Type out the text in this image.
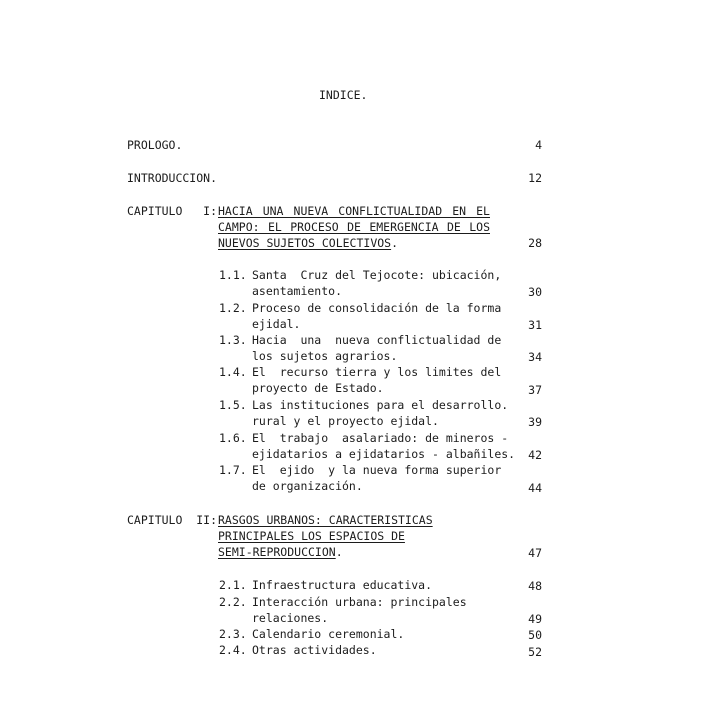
INDICE.
PROLOGO.	4
INTRODUCCION.	12
CAPITULO   I: HACIA UNA NUEVA CONFLICTUALIDAD EN EL
CAMPO: EL PROCESO DE EMERGENCIA DE LOS
NUEVOS SUJETOS COLECTIVOS.	28
1.1. Santa  Cruz del Tejocote: ubicación,
asentamiento.	30
1.2. Proceso de consolidación de la forma
ejidal.	31
1.3. Hacia  una  nueva conflictualidad de
los sujetos agrarios.	34
1.4. El  recurso tierra y los limites del
proyecto de Estado.	37
1.5. Las instituciones para el desarrollo.
rural y el proyecto ejidal.	39
1.6. El  trabajo  asalariado: de mineros -
ejidatarios a ejidatarios - albañiles.	42
1.7. El  ejido  y la nueva forma superior
de organización.	44
CAPITULO  II: RASGOS URBANOS: CARACTERISTICAS
PRINCIPALES LOS ESPACIOS DE
SEMI-REPRODUCCION.	47
2.1. Infraestructura educativa.	48
2.2. Interacción urbana: principales
relaciones.	49
2.3. Calendario ceremonial.	50
2.4. Otras actividades.	52
